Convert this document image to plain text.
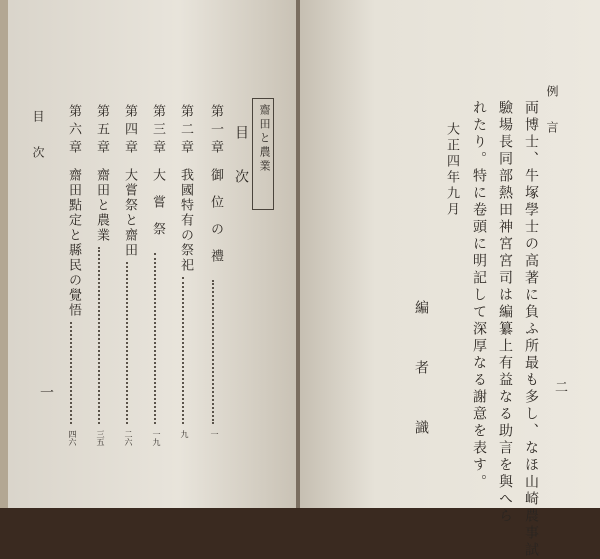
目　次
一
齋田と農業
目　次
第一章
御位の禮
一
第二章
我國特有の祭祀
九
第三章
大嘗祭
一九
第四章
大嘗祭と齋田
二六
第五章
齋田と農業
三五
第六章
齋田點定と縣民の覺悟
四六
例　言
二
両博士、牛塚學士の高著に負ふ所最も多し、なほ山崎農事試
驗場長同部熱田神宮宮司は編纂上有益なる助言を與へら
れたり。特に卷頭に明記して深厚なる謝意を表す。
大正四年九月
編　者　識
